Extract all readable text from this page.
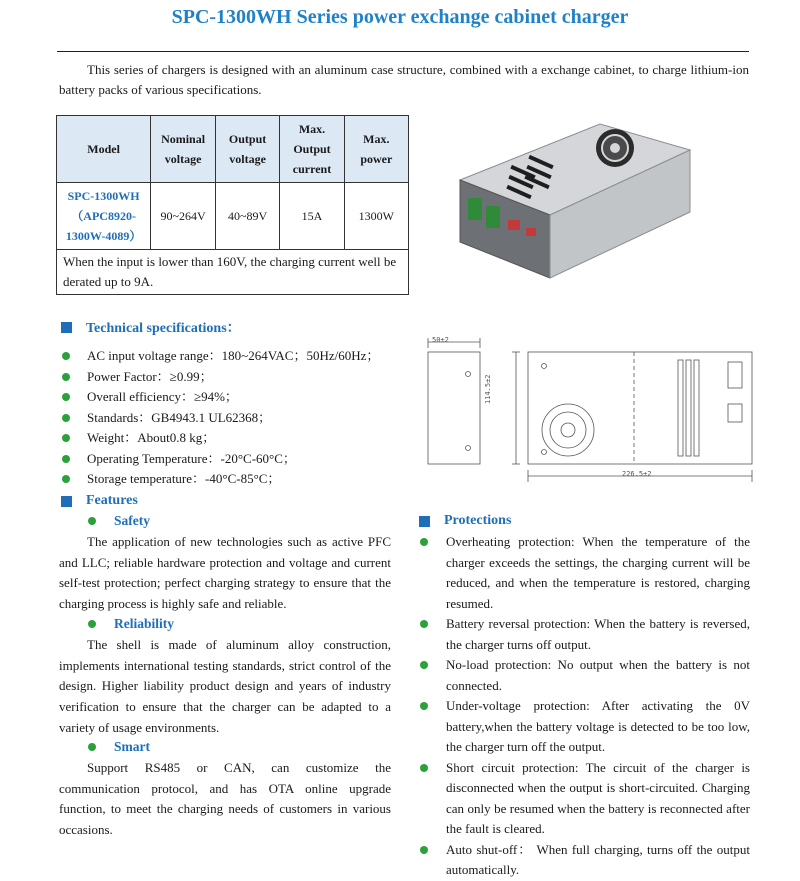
SPC-1300WH Series power exchange cabinet charger
This series of chargers is designed with an aluminum case structure, combined with a exchange cabinet, to charge lithium-ion battery packs of various specifications.
Model	Nominal voltage	Output voltage	Max. Output current	Max. power
SPC-1300WH （APC8920-1300W-4089）	90~264V	40~89V	15A	1300W
When the input is lower than 160V, the charging current well be derated up to 9A.				
50±2
114.5±2
226.5±2
Technical specifications：
AC input voltage range：180~264VAC；50Hz/60Hz；
Power Factor：≥0.99；
Overall efficiency：≥94%；
Standards：GB4943.1 UL62368；
Weight：About0.8 kg；
Operating Temperature：-20°C-60°C；
Storage temperature：-40°C-85°C；
Features
Safety
The application of new technologies such as active PFC and LLC; reliable hardware protection and voltage and current self-test protection; perfect charging strategy to ensure that the charging process is highly safe and reliable.
Reliability
The shell is made of aluminum alloy construction, implements international testing standards, strict control of the design. Higher liability product design and years of industry verification to ensure that the charger can be adapted to a variety of usage environments.
Smart
Support RS485 or CAN, can customize the communication protocol, and has OTA online upgrade function, to meet the charging needs of customers in various occasions.
Protections
Overheating protection: When the temperature of the charger exceeds the settings, the charging current will be reduced, and when the temperature is restored, charging resumed.
Battery reversal protection: When the battery is reversed, the charger turns off output.
No-load protection: No output when the battery is not connected.
Under-voltage protection: After activating the 0V battery,when the battery voltage is detected to be too low, the charger turn off the output.
Short circuit protection: The circuit of the charger is disconnected when the output is short-circuited. Charging can only be resumed when the battery is reconnected after the fault is cleared.
Auto shut-off： When full charging, turns off the output automatically.
